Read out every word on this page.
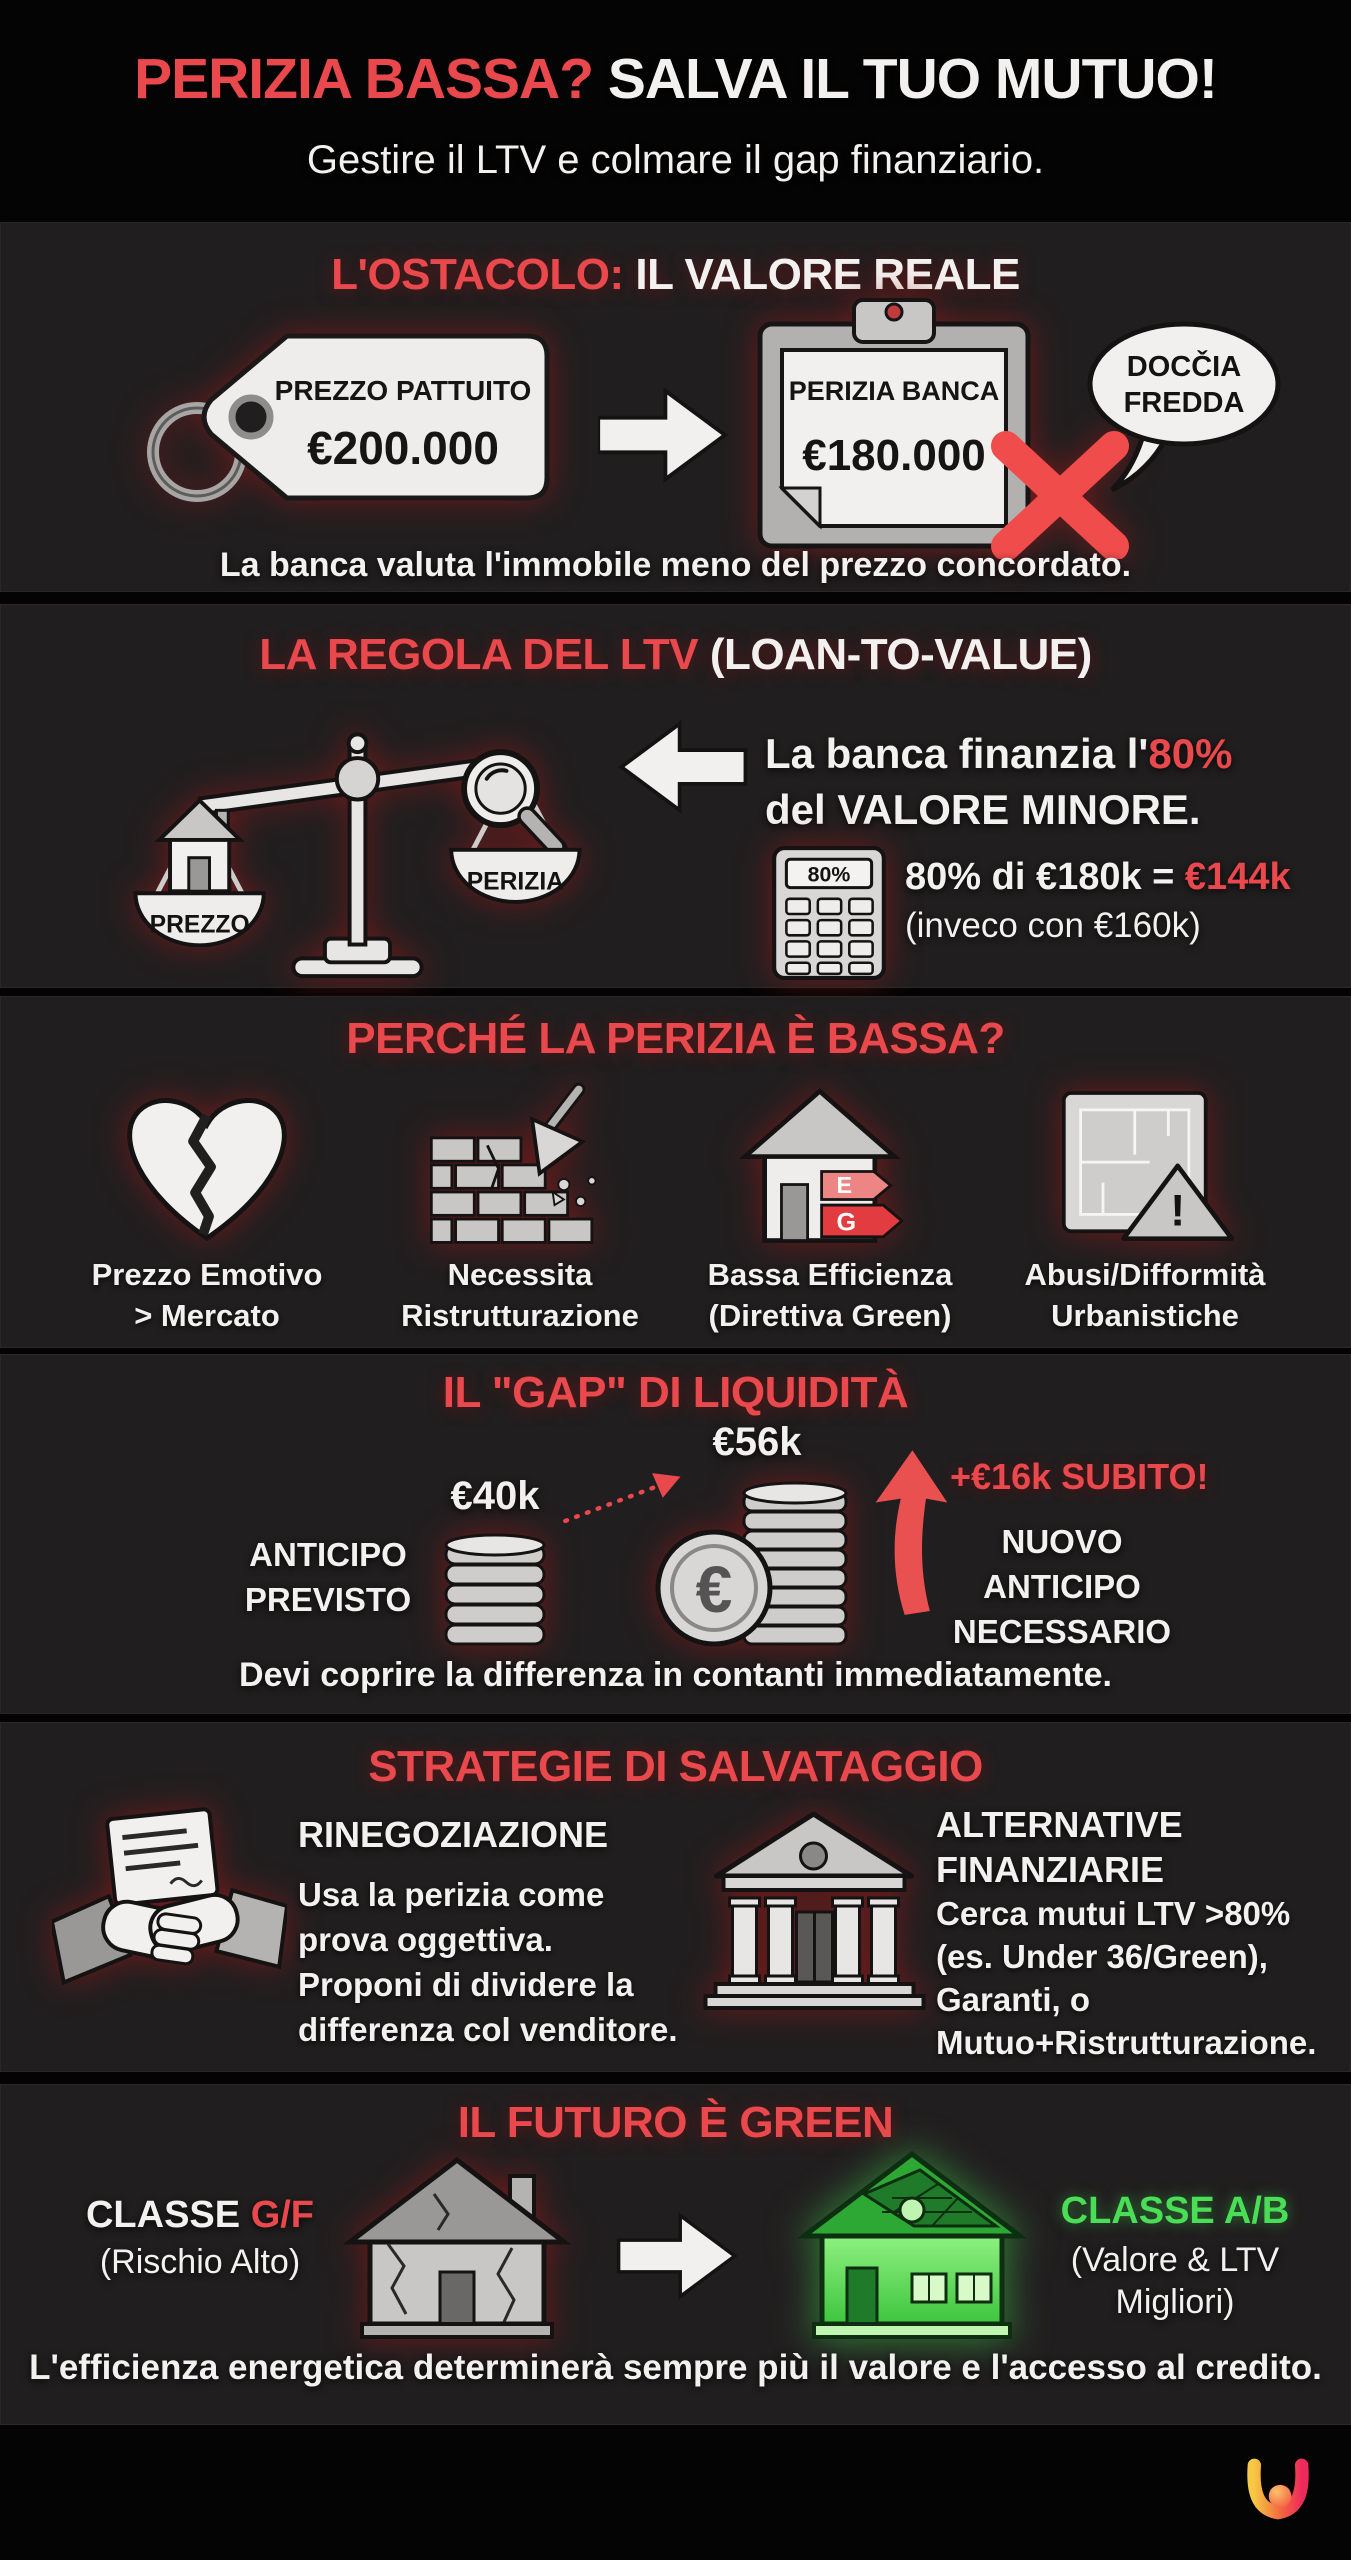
PERIZIA BASSA? SALVA IL TUO MUTUO!
Gestire il LTV e colmare il gap finanziario.
L'OSTACOLO: IL VALORE REALE
PREZZO PATTUITO
€200.000
PERIZIA BANCA
€180.000
DOCČIA
FREDDA
La banca valuta l'immobile meno del prezzo concordato.
LA REGOLA DEL LTV (LOAN-TO-VALUE)
PREZZO
PERIZIA
La banca finanzia l'80%
del VALORE MINORE.
80% 80% di €180k = €144k
(inveco con €160k)
PERCHÉ LA PERIZIA È BASSA?
E
G	!
Prezzo Emotivo
> Mercato
Necessita
Ristrutturazione
Bassa Efficienza
(Direttiva Green)
Abusi/Difformità
Urbanistiche
IL "GAP" DI LIQUIDITÀ
€40k
€56k
€
+€16k SUBITO!
ANTICIPO
PREVISTO
NUOVO
ANTICIPO
NECESSARIO
Devi coprire la differenza in contanti immediatamente.
STRATEGIE DI SALVATAGGIO
RINEGOZIAZIONE
Usa la perizia come
prova oggettiva.
Proponi di dividere la
differenza col venditore.
ALTERNATIVE
FINANZIARIE
Cerca mutui LTV >80%
(es. Under 36/Green),
Garanti, o
Mutuo+Ristrutturazione.
IL FUTURO È GREEN
CLASSE G/F
(Rischio Alto)
CLASSE A/B
(Valore & LTV
Migliori)
L'efficienza energetica determinerà sempre più il valore e l'accesso al credito.
